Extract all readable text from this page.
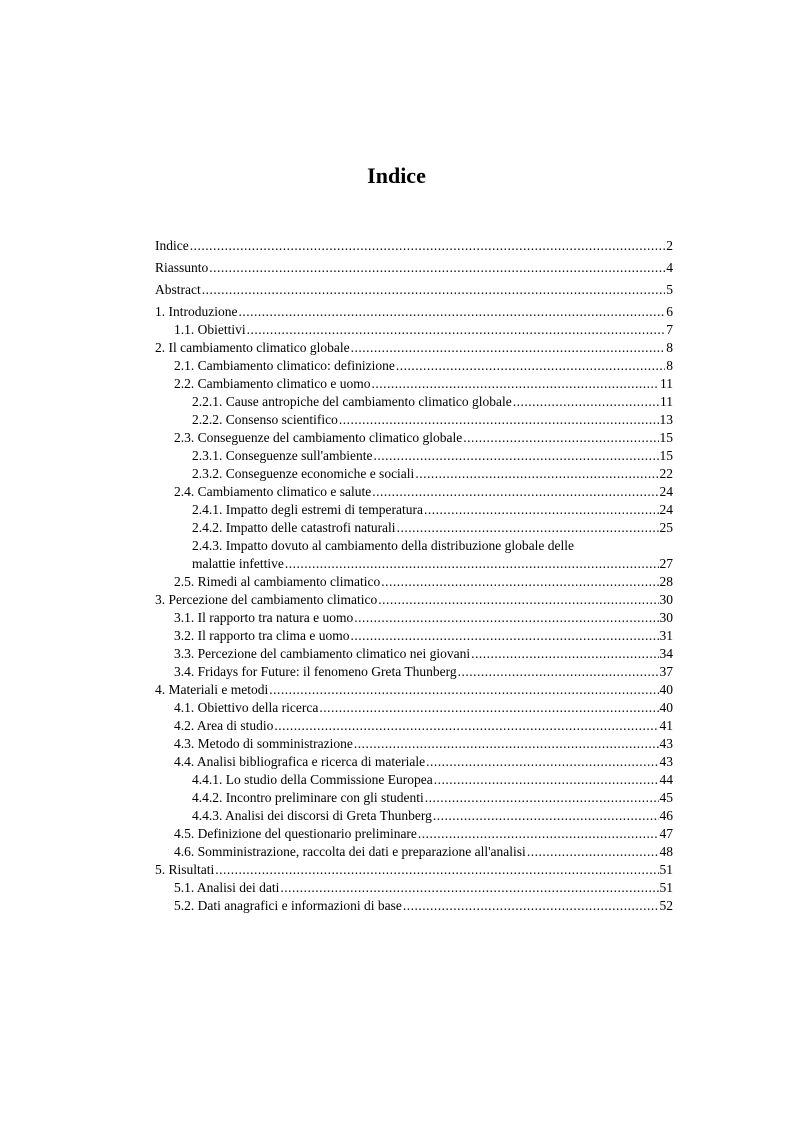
Indice
Indice .....	2
Riassunto .....	4
Abstract .....	5
1. Introduzione .....	6
1.1. Obiettivi .....	7
2. Il cambiamento climatico globale .....	8
2.1. Cambiamento climatico: definizione .....	8
2.2. Cambiamento climatico e uomo .....	11
2.2.1. Cause antropiche del cambiamento climatico globale .....	11
2.2.2. Consenso scientifico .....	13
2.3. Conseguenze del cambiamento climatico globale .....	15
2.3.1. Conseguenze sull'ambiente .....	15
2.3.2. Conseguenze economiche e sociali .....	22
2.4. Cambiamento climatico e salute .....	24
2.4.1. Impatto degli estremi di temperatura .....	24
2.4.2. Impatto delle catastrofi naturali .....	25
2.4.3. Impatto dovuto al cambiamento della distribuzione globale delle
malattie infettive .....	27
2.5. Rimedi al cambiamento climatico .....	28
3. Percezione del cambiamento climatico .....	30
3.1. Il rapporto tra natura e uomo .....	30
3.2. Il rapporto tra clima e uomo .....	31
3.3. Percezione del cambiamento climatico nei giovani .....	34
3.4. Fridays for Future: il fenomeno Greta Thunberg .....	37
4. Materiali e metodi .....	40
4.1. Obiettivo della ricerca .....	40
4.2. Area di studio .....	41
4.3. Metodo di somministrazione .....	43
4.4. Analisi bibliografica e ricerca di materiale .....	43
4.4.1. Lo studio della Commissione Europea .....	44
4.4.2. Incontro preliminare con gli studenti .....	45
4.4.3. Analisi dei discorsi di Greta Thunberg .....	46
4.5. Definizione del questionario preliminare .....	47
4.6. Somministrazione, raccolta dei dati e preparazione all'analisi .....	48
5. Risultati .....	51
5.1. Analisi dei dati .....	51
5.2. Dati anagrafici e informazioni di base .....	52
